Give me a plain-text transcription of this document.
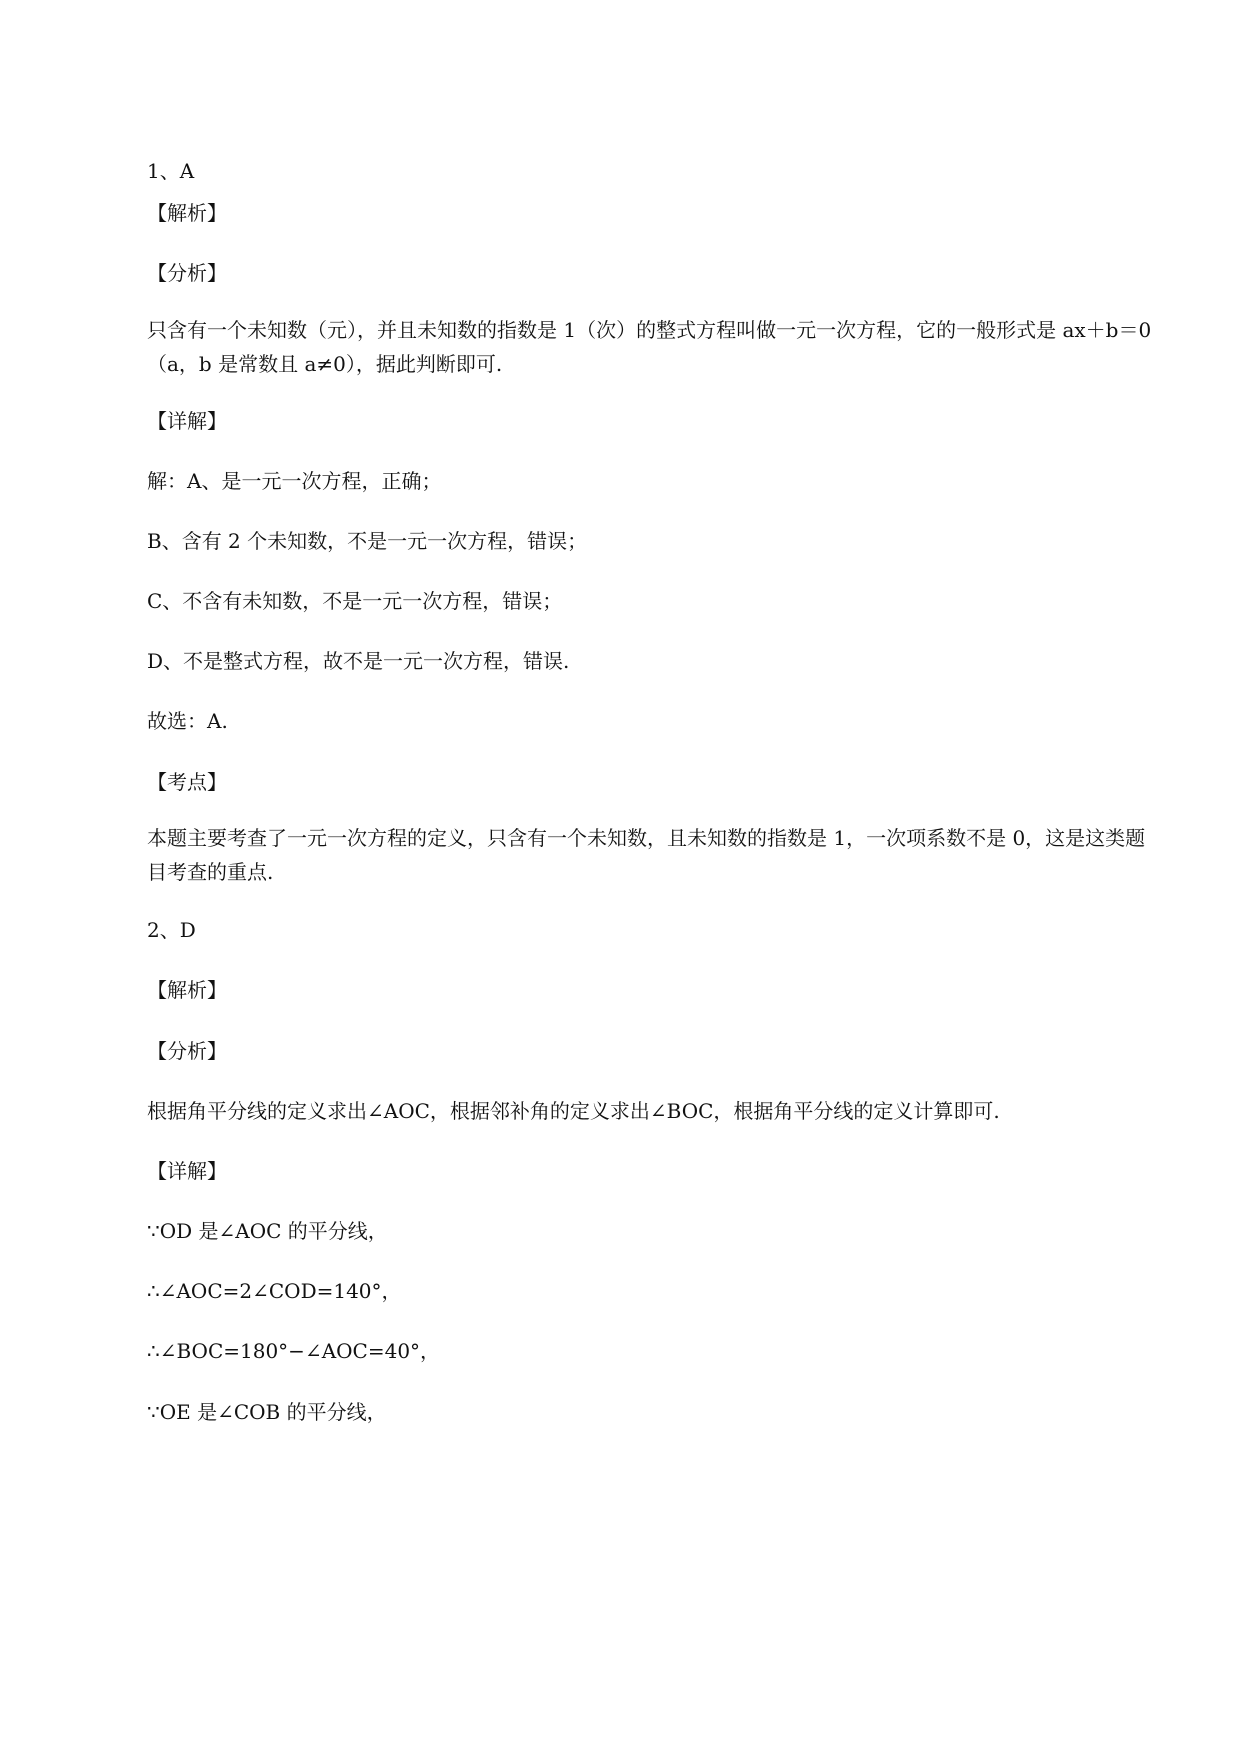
1、A
【解析】
【分析】
只含有一个未知数（元），并且未知数的指数是 1（次）的整式方程叫做一元一次方程，它的一般形式是 ax＋b＝0（a，b 是常数且 a≠0），据此判断即可.
【详解】
解：A、是一元一次方程，正确；
B、含有 2 个未知数，不是一元一次方程，错误；
C、不含有未知数，不是一元一次方程，错误；
D、不是整式方程，故不是一元一次方程，错误.
故选：A.
【考点】
本题主要考查了一元一次方程的定义，只含有一个未知数，且未知数的指数是 1，一次项系数不是 0，这是这类题目考查的重点.
2、D
【解析】
【分析】
根据角平分线的定义求出∠AOC，根据邻补角的定义求出∠BOC，根据角平分线的定义计算即可.
【详解】
∵OD 是∠AOC 的平分线，
∴∠AOC=2∠COD=140°，
∴∠BOC=180°−∠AOC=40°，
∵OE 是∠COB 的平分线，
